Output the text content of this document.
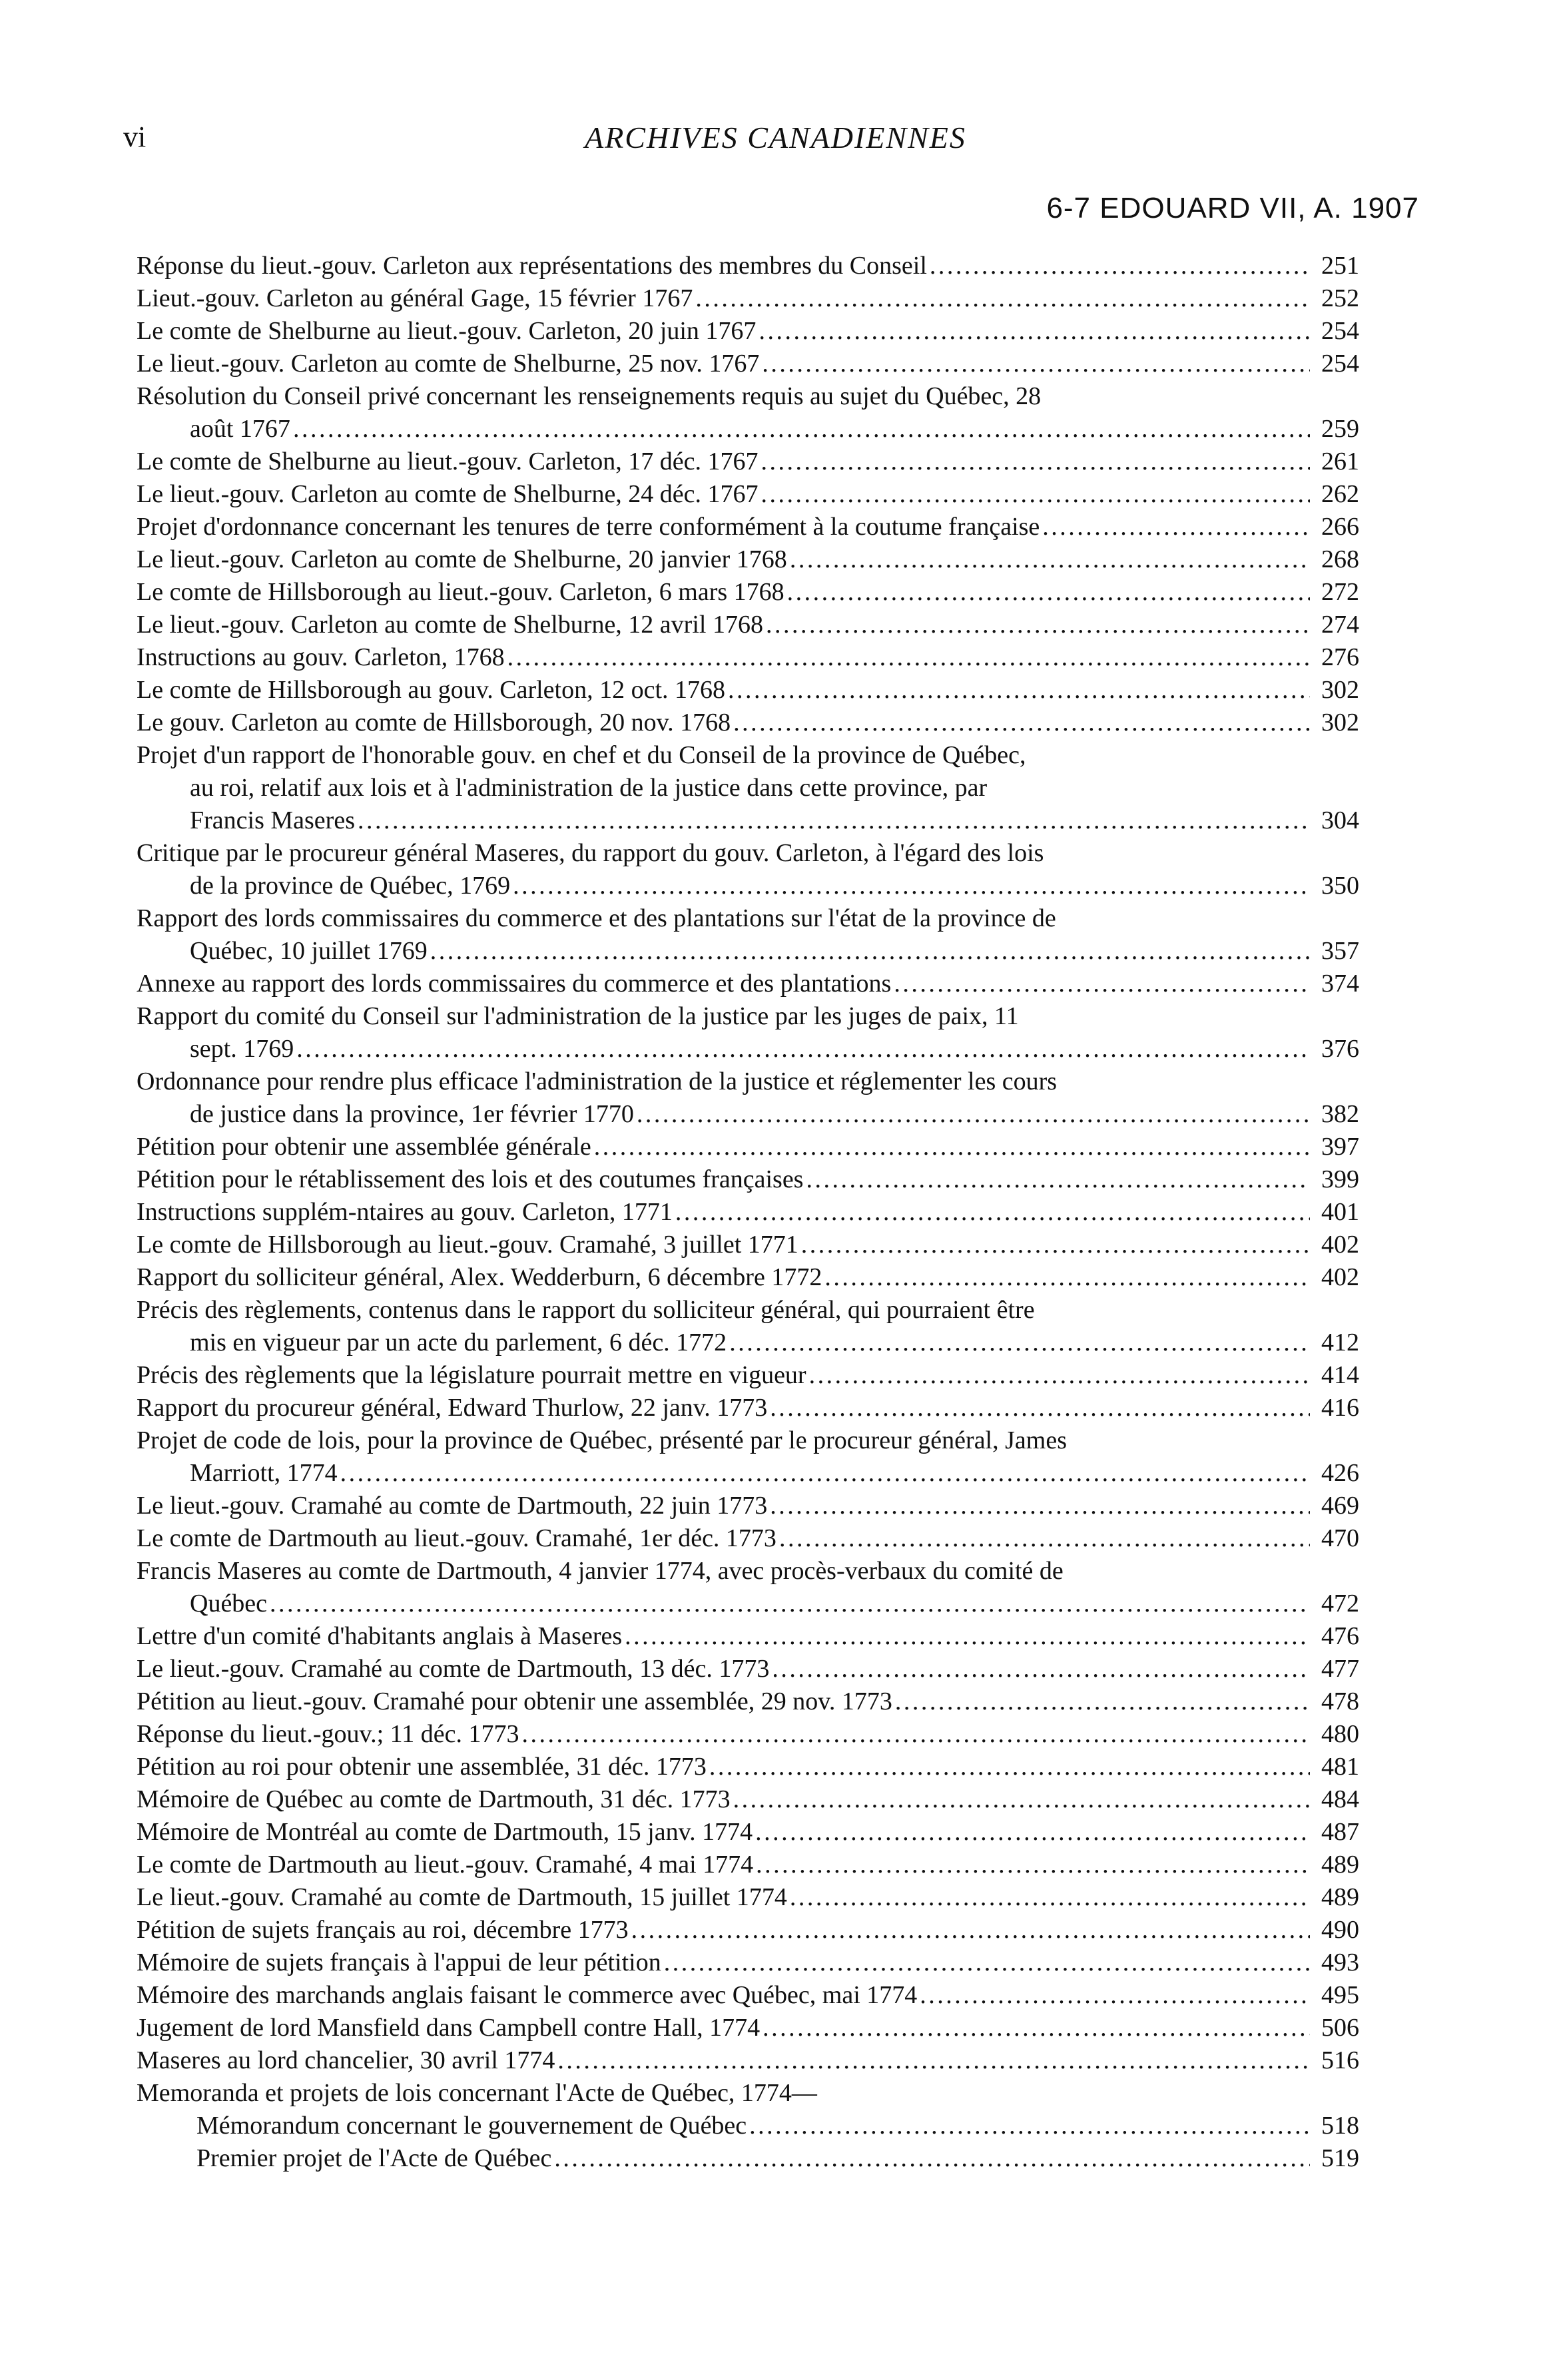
vi	ARCHIVES CANADIENNES
6-7 EDOUARD VII, A. 1907
Réponse du lieut.-gouv. Carleton aux représentations des membres du Conseil . . .	251
Lieut.-gouv. Carleton au général Gage, 15 février 1767 . . .	252
Le comte de Shelburne au lieut.-gouv. Carleton, 20 juin 1767 . . .	254
Le lieut.-gouv. Carleton au comte de Shelburne, 25 nov. 1767 . . .	254
Résolution du Conseil privé concernant les renseignements requis au sujet du Québec, 28
août 1767 . . .	259
Le comte de Shelburne au lieut.-gouv. Carleton, 17 déc. 1767 . . .	261
Le lieut.-gouv. Carleton au comte de Shelburne, 24 déc. 1767 . . .	262
Projet d'ordonnance concernant les tenures de terre conformément à la coutume française . . .	266
Le lieut.-gouv. Carleton au comte de Shelburne, 20 janvier 1768 . . .	268
Le comte de Hillsborough au lieut.-gouv. Carleton, 6 mars 1768 . . .	272
Le lieut.-gouv. Carleton au comte de Shelburne, 12 avril 1768 . . .	274
Instructions au gouv. Carleton, 1768 . . .	276
Le comte de Hillsborough au gouv. Carleton, 12 oct. 1768 . . .	302
Le gouv. Carleton au comte de Hillsborough, 20 nov. 1768 . . .	302
Projet d'un rapport de l'honorable gouv. en chef et du Conseil de la province de Québec,
au roi, relatif aux lois et à l'administration de la justice dans cette province, par
Francis Maseres . . .	304
Critique par le procureur général Maseres, du rapport du gouv. Carleton, à l'égard des lois
de la province de Québec, 1769 . . .	350
Rapport des lords commissaires du commerce et des plantations sur l'état de la province de
Québec, 10 juillet 1769 . . .	357
Annexe au rapport des lords commissaires du commerce et des plantations . . .	374
Rapport du comité du Conseil sur l'administration de la justice par les juges de paix, 11
sept. 1769 . . .	376
Ordonnance pour rendre plus efficace l'administration de la justice et réglementer les cours
de justice dans la province, 1er février 1770 . . .	382
Pétition pour obtenir une assemblée générale . . .	397
Pétition pour le rétablissement des lois et des coutumes françaises . . .	399
Instructions supplém-ntaires au gouv. Carleton, 1771 . . .	401
Le comte de Hillsborough au lieut.-gouv. Cramahé, 3 juillet 1771 . . .	402
Rapport du solliciteur général, Alex. Wedderburn, 6 décembre 1772 . . .	402
Précis des règlements, contenus dans le rapport du solliciteur général, qui pourraient être
mis en vigueur par un acte du parlement, 6 déc. 1772 . . .	412
Précis des règlements que la législature pourrait mettre en vigueur . . .	414
Rapport du procureur général, Edward Thurlow, 22 janv. 1773 . . .	416
Projet de code de lois, pour la province de Québec, présenté par le procureur général, James
Marriott, 1774 . . .	426
Le lieut.-gouv. Cramahé au comte de Dartmouth, 22 juin 1773 . . .	469
Le comte de Dartmouth au lieut.-gouv. Cramahé, 1er déc. 1773 . . .	470
Francis Maseres au comte de Dartmouth, 4 janvier 1774, avec procès-verbaux du comité de
Québec . . .	472
Lettre d'un comité d'habitants anglais à Maseres . . .	476
Le lieut.-gouv. Cramahé au comte de Dartmouth, 13 déc. 1773 . . .	477
Pétition au lieut.-gouv. Cramahé pour obtenir une assemblée, 29 nov. 1773 . . .	478
Réponse du lieut.-gouv.; 11 déc. 1773 . . .	480
Pétition au roi pour obtenir une assemblée, 31 déc. 1773 . . .	481
Mémoire de Québec au comte de Dartmouth, 31 déc. 1773 . . .	484
Mémoire de Montréal au comte de Dartmouth, 15 janv. 1774 . . .	487
Le comte de Dartmouth au lieut.-gouv. Cramahé, 4 mai 1774 . . .	489
Le lieut.-gouv. Cramahé au comte de Dartmouth, 15 juillet 1774 . . .	489
Pétition de sujets français au roi, décembre 1773 . . .	490
Mémoire de sujets français à l'appui de leur pétition . . .	493
Mémoire des marchands anglais faisant le commerce avec Québec, mai 1774 . . .	495
Jugement de lord Mansfield dans Campbell contre Hall, 1774 . . .	506
Maseres au lord chancelier, 30 avril 1774 . . .	516
Memoranda et projets de lois concernant l'Acte de Québec, 1774—
Mémorandum concernant le gouvernement de Québec . . .	518
Premier projet de l'Acte de Québec . . .	519
